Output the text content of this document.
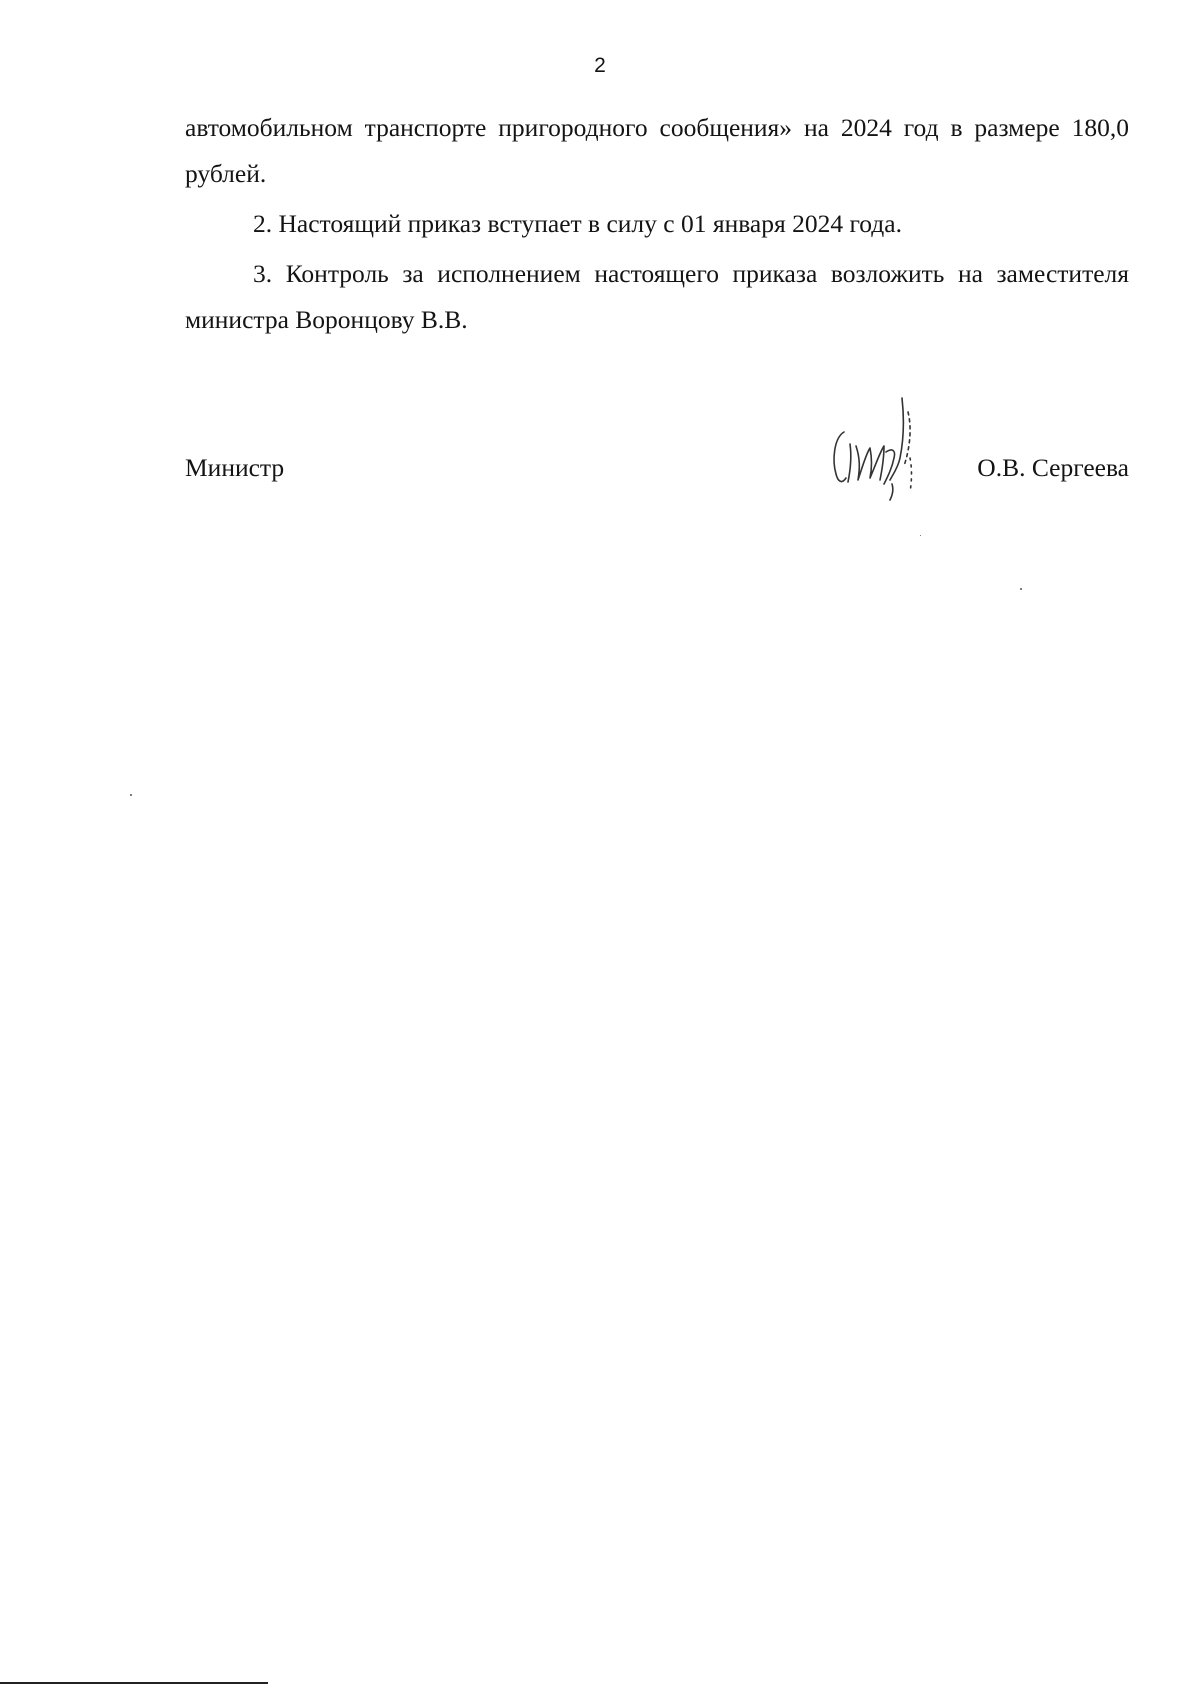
2

автомобильном транспорте пригородного сообщения» на 2024 год в размере 180,0 рублей.

2. Настоящий приказ вступает в силу с 01 января 2024 года.

3. Контроль за исполнением настоящего приказа возложить на заместителя министра Воронцову В.В.

Министр	О.В. Сергеева
